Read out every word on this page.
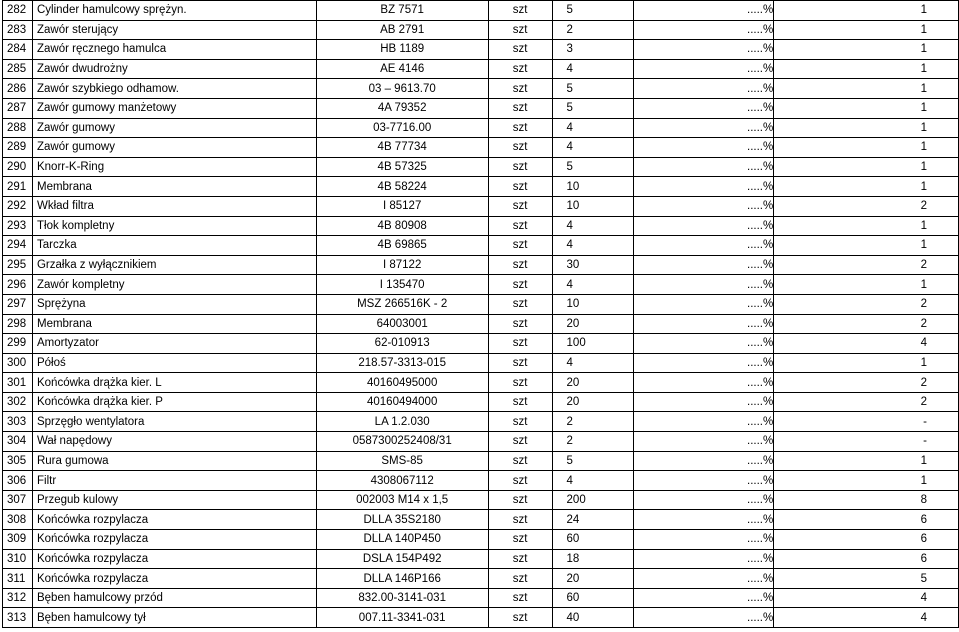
282	Cylinder hamulcowy sprężyn.	BZ 7571	szt	5	.....%	1
283	Zawór sterujący	AB 2791	szt	2	.....%	1
284	Zawór ręcznego hamulca	HB 1189	szt	3	.....%	1
285	Zawór dwudrożny	AE 4146	szt	4	.....%	1
286	Zawór szybkiego odhamow.	03 – 9613.70	szt	5	.....%	1
287	Zawór gumowy manżetowy	4A 79352	szt	5	.....%	1
288	Zawór gumowy	03-7716.00	szt	4	.....%	1
289	Zawór gumowy	4B 77734	szt	4	.....%	1
290	Knorr-K-Ring	4B 57325	szt	5	.....%	1
291	Membrana	4B 58224	szt	10	.....%	1
292	Wkład filtra	I 85127	szt	10	.....%	2
293	Tłok kompletny	4B 80908	szt	4	.....%	1
294	Tarczka	4B 69865	szt	4	.....%	1
295	Grzałka z wyłącznikiem	I 87122	szt	30	.....%	2
296	Zawór kompletny	I 135470	szt	4	.....%	1
297	Sprężyna	MSZ 266516K - 2	szt	10	.....%	2
298	Membrana	64003001	szt	20	.....%	2
299	Amortyzator	62-010913	szt	100	.....%	4
300	Półoś	218.57-3313-015	szt	4	.....%	1
301	Końcówka drążka kier. L	40160495000	szt	20	.....%	2
302	Końcówka drążka kier. P	40160494000	szt	20	.....%	2
303	Sprzęgło wentylatora	LA 1.2.030	szt	2	.....%	-
304	Wał napędowy	0587300252408/31	szt	2	.....%	-
305	Rura gumowa	SMS-85	szt	5	.....%	1
306	Filtr	4308067112	szt	4	.....%	1
307	Przegub kulowy	002003 M14 x 1,5	szt	200	.....%	8
308	Końcówka rozpylacza	DLLA 35S2180	szt	24	.....%	6
309	Końcówka rozpylacza	DLLA 140P450	szt	60	.....%	6
310	Końcówka rozpylacza	DSLA 154P492	szt	18	.....%	6
311	Końcówka rozpylacza	DLLA 146P166	szt	20	.....%	5
312	Bęben hamulcowy przód	832.00-3141-031	szt	60	.....%	4
313	Bęben hamulcowy tył	007.11-3341-031	szt	40	.....%	4
